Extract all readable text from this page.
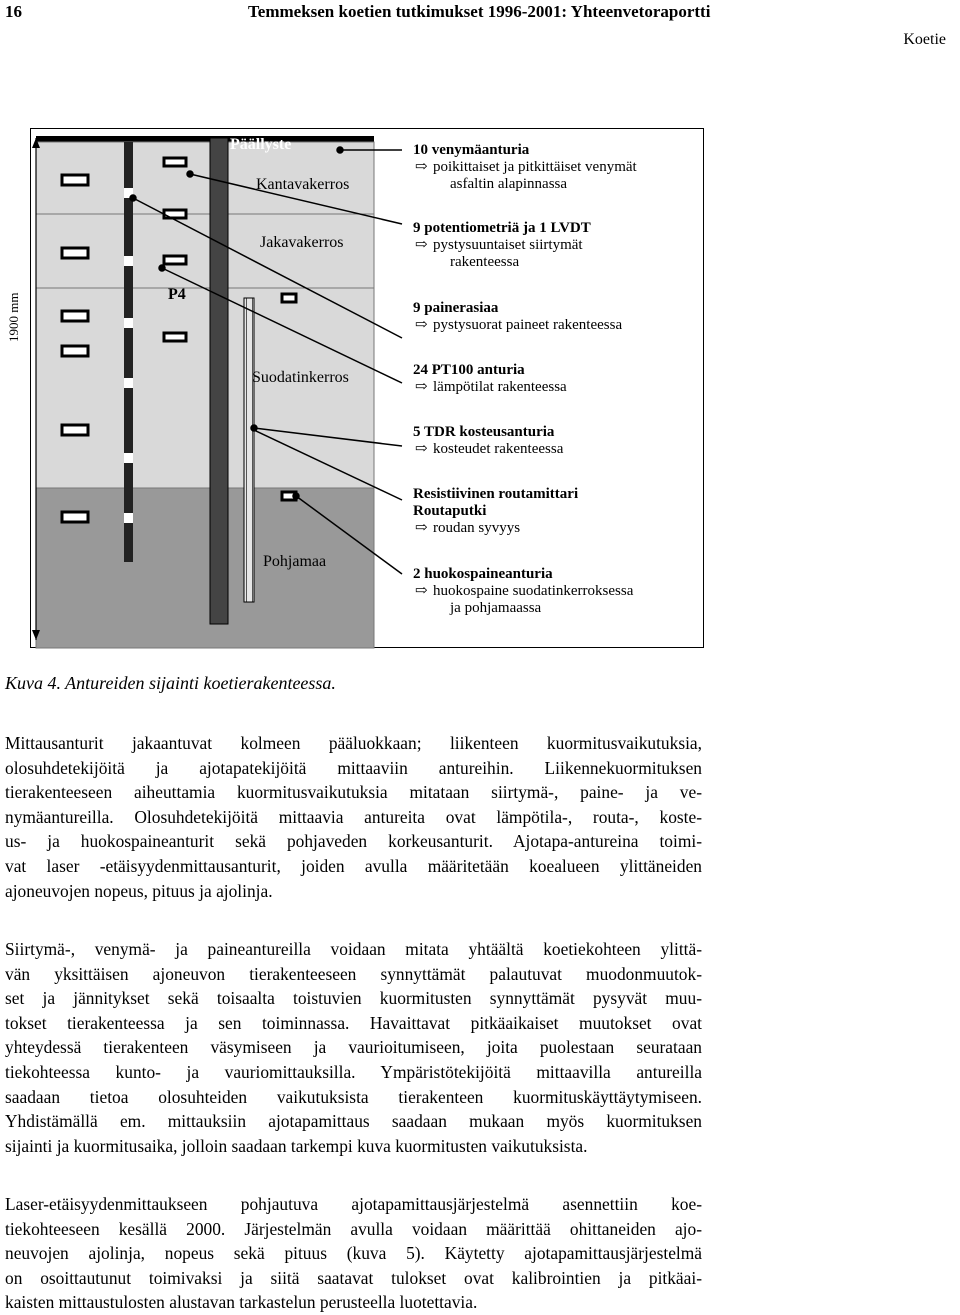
16	Temmeksen koetien tutkimukset 1996-2001: Yhteenvetoraportti
Koetie
Päällyste
Kantavakerros
Jakavakerros
P4
Suodatinkerros
Pohjamaa
1900 mm
10 venymäanturia
⇨ poikittaiset ja pitkittäiset venymät
asfaltin alapinnassa
9 potentiometriä ja 1 LVDT
⇨ pystysuuntaiset siirtymät
rakenteessa
9 painerasiaa
⇨ pystysuorat paineet rakenteessa
24 PT100 anturia
⇨ lämpötilat rakenteessa
5 TDR kosteusanturia
⇨ kosteudet rakenteessa
Resistiivinen routamittari
Routaputki
⇨ roudan syvyys
2 huokospaineanturia
⇨ huokospaine suodatinkerroksessa
ja pohjamaassa
Kuva 4. Antureiden sijainti koetierakenteessa.
Mittausanturit jakaantuvat kolmeen pääluokkaan; liikenteen kuormitusvaikutuksia,
olosuhdetekijöitä ja ajotapatekijöitä mittaaviin antureihin. Liikennekuormituksen
tierakenteeseen aiheuttamia kuormitusvaikutuksia mitataan siirtymä-, paine- ja ve-
nymäantureilla. Olosuhdetekijöitä mittaavia antureita ovat lämpötila-, routa-, koste-
us- ja huokospaineanturit sekä pohjaveden korkeusanturit. Ajotapa-antureina toimi-
vat laser -etäisyydenmittausanturit, joiden avulla määritetään koealueen ylittäneiden
ajoneuvojen nopeus, pituus ja ajolinja.
Siirtymä-, venymä- ja paineantureilla voidaan mitata yhtäältä koetiekohteen ylittä-
vän yksittäisen ajoneuvon tierakenteeseen synnyttämät palautuvat muodonmuutok-
set ja jännitykset sekä toisaalta toistuvien kuormitusten synnyttämät pysyvät muu-
tokset tierakenteessa ja sen toiminnassa. Havaittavat pitkäaikaiset muutokset ovat
yhteydessä tierakenteen väsymiseen ja vaurioitumiseen, joita puolestaan seurataan
tiekohteessa kunto- ja vauriomittauksilla. Ympäristötekijöitä mittaavilla antureilla
saadaan tietoa olosuhteiden vaikutuksista tierakenteen kuormituskäyttäytymiseen.
Yhdistämällä em. mittauksiin ajotapamittaus saadaan mukaan myös kuormituksen
sijainti ja kuormitusaika, jolloin saadaan tarkempi kuva kuormitusten vaikutuksista.
Laser-etäisyydenmittaukseen pohjautuva ajotapamittausjärjestelmä asennettiin koe-
tiekohteeseen kesällä 2000. Järjestelmän avulla voidaan määrittää ohittaneiden ajo-
neuvojen ajolinja, nopeus sekä pituus (kuva 5). Käytetty ajotapamittausjärjestelmä
on osoittautunut toimivaksi ja siitä saatavat tulokset ovat kalibrointien ja pitkäai-
kaisten mittaustulosten alustavan tarkastelun perusteella luotettavia.
